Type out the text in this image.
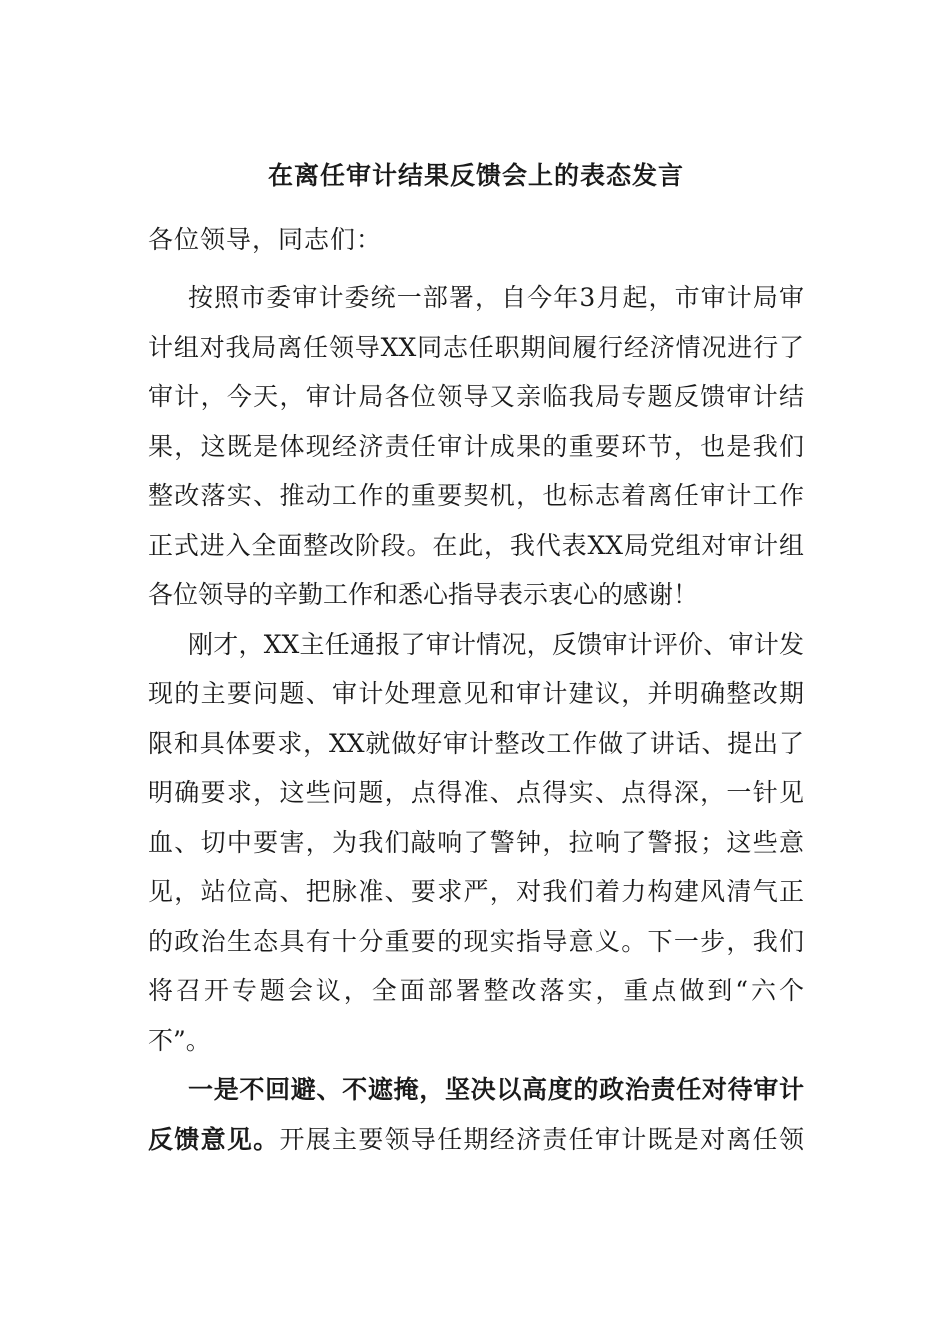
在离任审计结果反馈会上的表态发言
各位领导，同志们：
按照市委审计委统一部署，自今年3月起，市审计局审
计组对我局离任领导XX同志任职期间履行经济情况进行了
审计，今天，审计局各位领导又亲临我局专题反馈审计结
果，这既是体现经济责任审计成果的重要环节，也是我们
整改落实、推动工作的重要契机，也标志着离任审计工作
正式进入全面整改阶段。在此，我代表XX局党组对审计组
各位领导的辛勤工作和悉心指导表示衷心的感谢！
刚才，XX主任通报了审计情况，反馈审计评价、审计发
现的主要问题、审计处理意见和审计建议，并明确整改期
限和具体要求，XX就做好审计整改工作做了讲话、提出了
明确要求，这些问题，点得准、点得实、点得深，一针见
血、切中要害，为我们敲响了警钟，拉响了警报；这些意
见，站位高、把脉准、要求严，对我们着力构建风清气正
的政治生态具有十分重要的现实指导意义。下一步，我们
将召开专题会议，全面部署整改落实，重点做到“六个
不”。
一是不回避、不遮掩，坚决以高度的政治责任对待审计
反馈意见。开展主要领导任期经济责任审计既是对离任领
